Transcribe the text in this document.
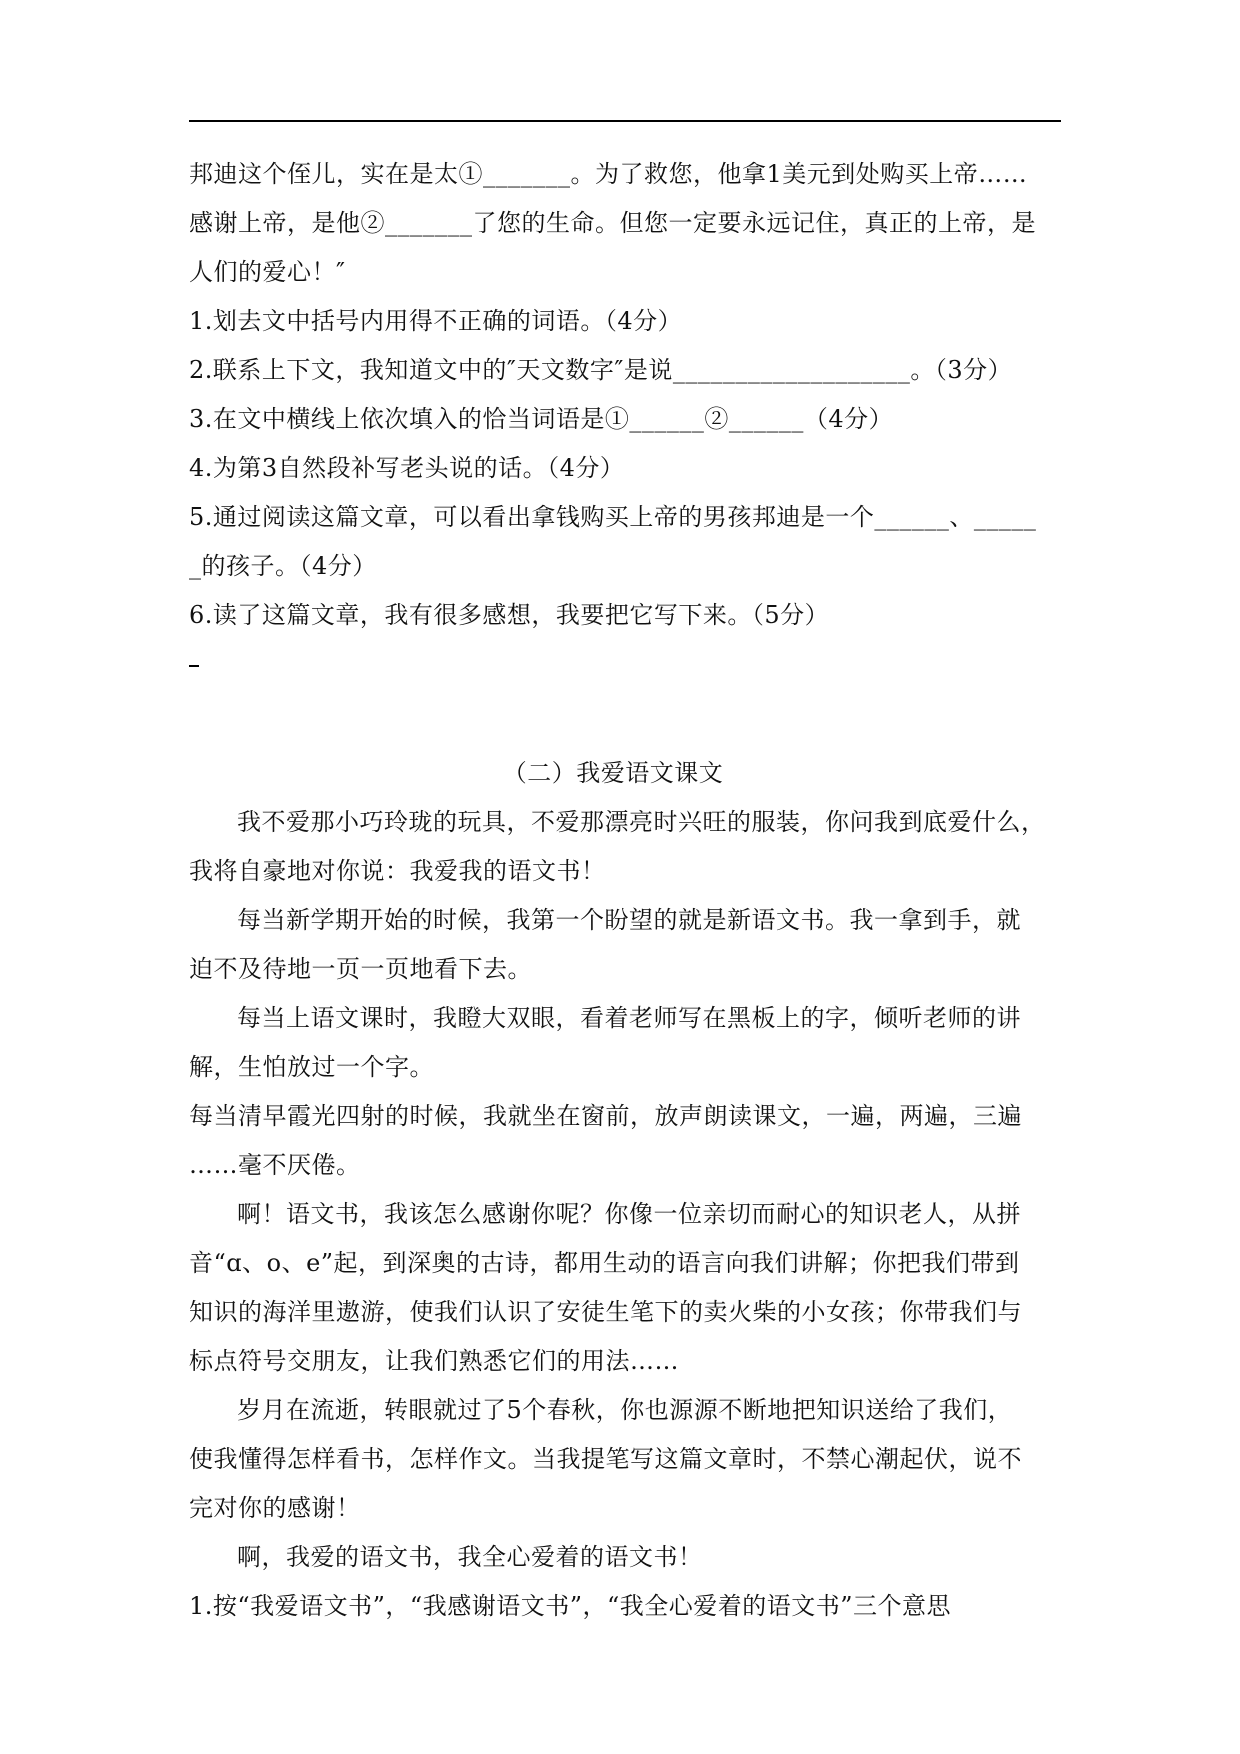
邦迪这个侄儿，实在是太①_______。为了救您，他拿1美元到处购买上帝……
感谢上帝，是他②_______了您的生命。但您一定要永远记住，真正的上帝，是
人们的爱心！″
1.划去文中括号内用得不正确的词语。（4分）
2.联系上下文，我知道文中的″天文数字″是说___________________。（3分）
3.在文中横线上依次填入的恰当词语是①______②______（4分）
4.为第3自然段补写老头说的话。（4分）
5.通过阅读这篇文章，可以看出拿钱购买上帝的男孩邦迪是一个______、_____
_的孩子。（4分）
6.读了这篇文章，我有很多感想，我要把它写下来。（5分）
（二）我爱语文课文
我不爱那小巧玲珑的玩具，不爱那漂亮时兴旺的服装，你问我到底爱什么，
我将自豪地对你说：我爱我的语文书！
每当新学期开始的时候，我第一个盼望的就是新语文书。我一拿到手，就
迫不及待地一页一页地看下去。
每当上语文课时，我瞪大双眼，看着老师写在黑板上的字，倾听老师的讲
解，生怕放过一个字。
每当清早霞光四射的时候，我就坐在窗前，放声朗读课文，一遍，两遍，三遍
……毫不厌倦。
啊！语文书，我该怎么感谢你呢？你像一位亲切而耐心的知识老人，从拼
音“ɑ、o、e”起，到深奥的古诗，都用生动的语言向我们讲解；你把我们带到
知识的海洋里遨游，使我们认识了安徒生笔下的卖火柴的小女孩；你带我们与
标点符号交朋友，让我们熟悉它们的用法……
岁月在流逝，转眼就过了5个春秋，你也源源不断地把知识送给了我们，
使我懂得怎样看书，怎样作文。当我提笔写这篇文章时，不禁心潮起伏，说不
完对你的感谢！
啊，我爱的语文书，我全心爱着的语文书！
1.按“我爱语文书”，“我感谢语文书”，“我全心爱着的语文书”三个意思
